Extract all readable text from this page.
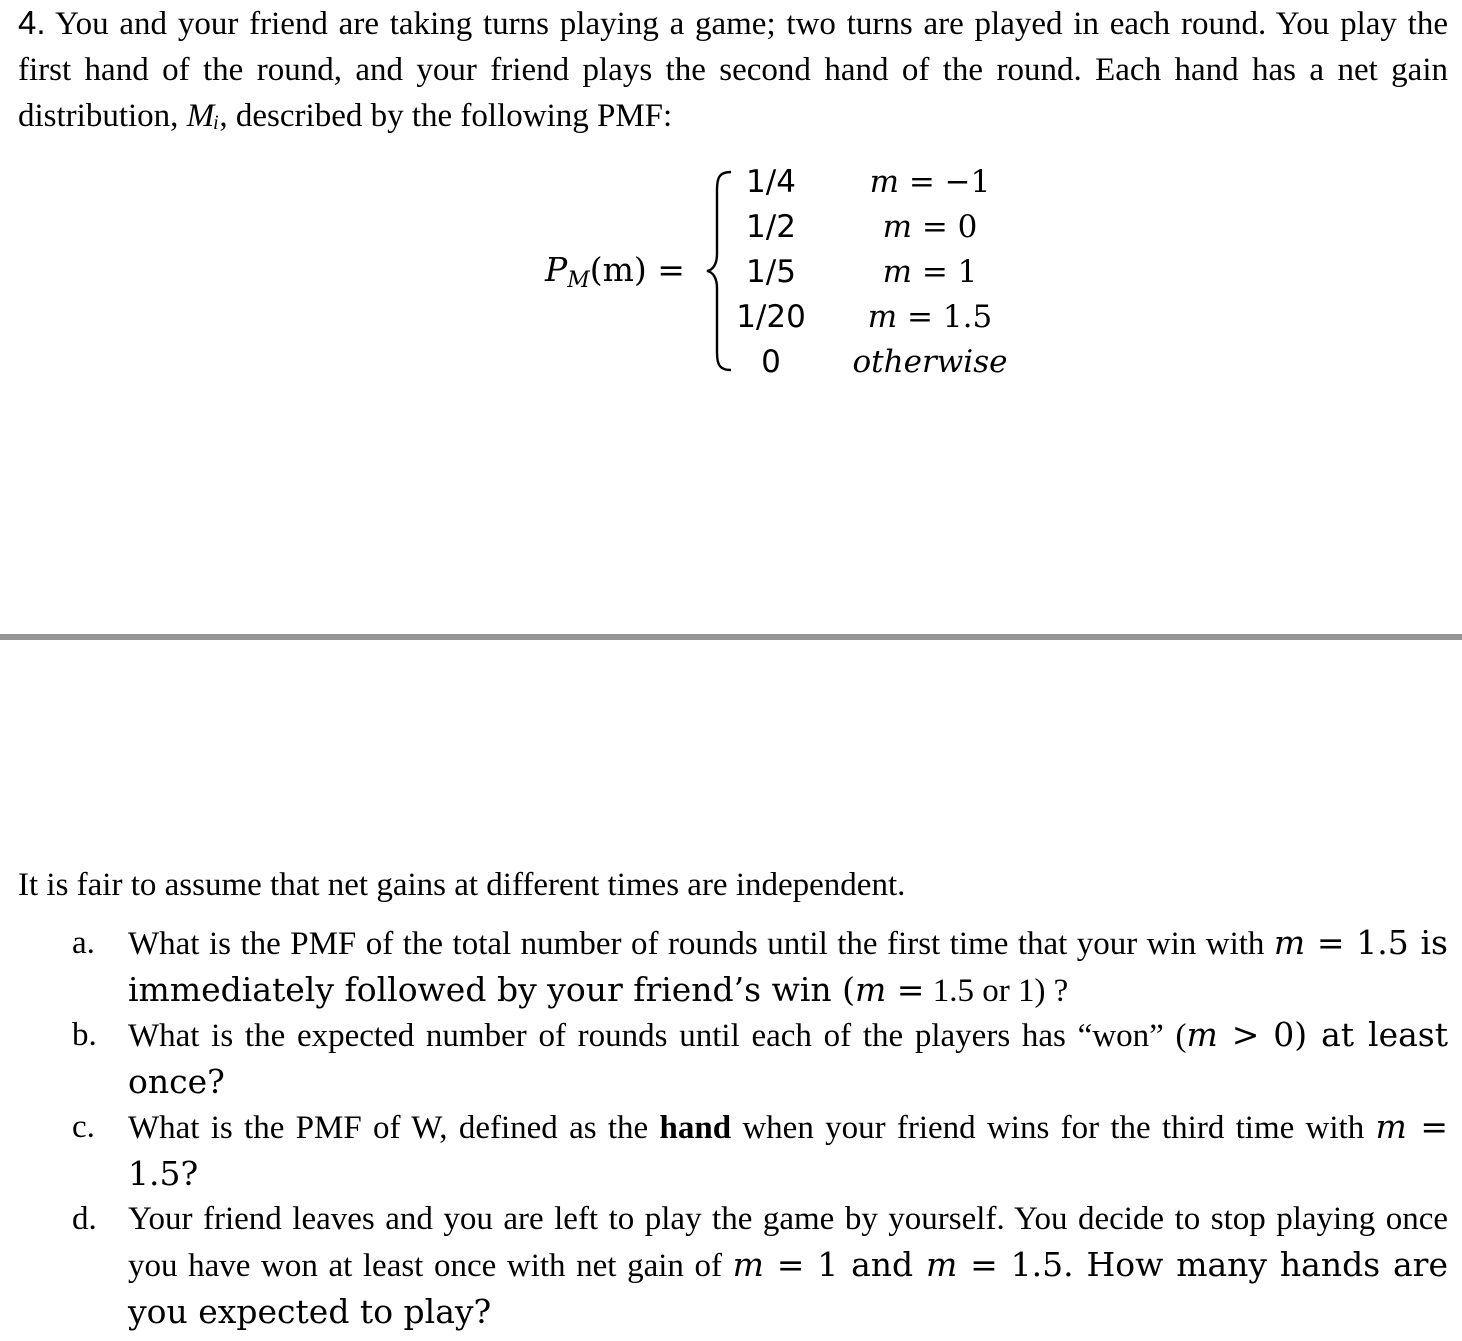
4. You and your friend are taking turns playing a game; two turns are played in each round. You play the first hand of the round, and your friend plays the second hand of the round. Each hand has a net gain distribution, Mᵢ, described by the following PMF:
$P_M(m)$ =
1/4	m = −1
1/2	m = 0
1/5	m = 1
1/20	m = 1.5
0	otherwise
It is fair to assume that net gains at different times are independent.
a. What is the PMF of the total number of rounds until the first time that your win with m = 1.5 is immediately followed by your friend’s win (m = 1.5 or 1) ?
b. What is the expected number of rounds until each of the players has “won” (m > 0) at least once?
c. What is the PMF of W, defined as the hand when your friend wins for the third time with m = 1.5?
d. Your friend leaves and you are left to play the game by yourself. You decide to stop playing once you have won at least once with net gain of m = 1 and m = 1.5. How many hands are you expected to play?
